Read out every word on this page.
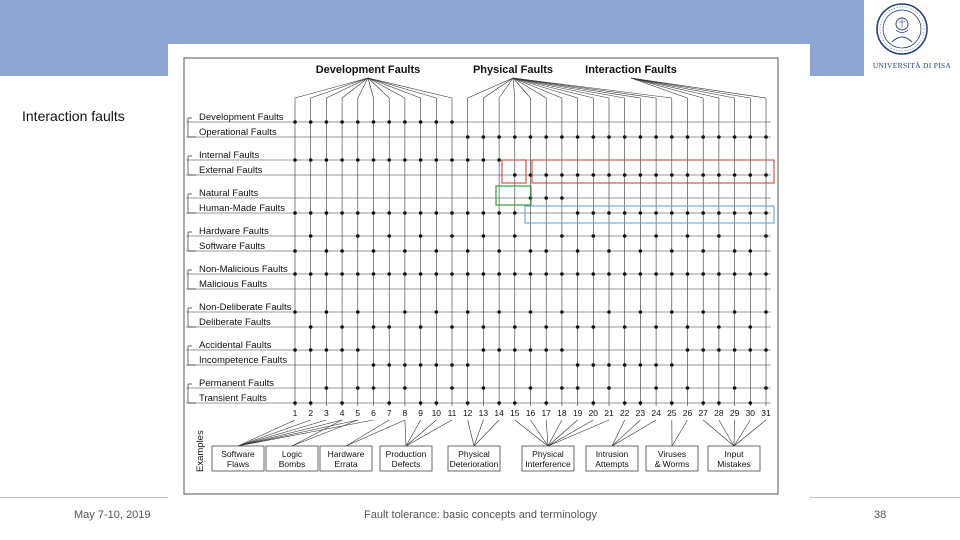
UNIVERSITÀ DI PISA
Interaction faults
Development Faults	Physical Faults	Interaction Faults
Development Faults
Operational Faults
Internal Faults
External Faults
Natural Faults
Human-Made Faults
Hardware Faults
Software Faults
Non-Malicious Faults
Malicious Faults
Non-Deliberate Faults
Deliberate Faults
Accidental Faults
Incompetence Faults
Permanent Faults
Transient Faults
1 2 3 4 5 6 7 8 9 10 11 12 13 14 15 16 17 18 19 20 21 22 23 24 25 26 27 28 29 30 31
Examples Software
Flaws
Logic
Bombs
Hardware
Errata
Production
Defects
Physical
Deterioration
Physical
Interference
Intrusion
Attempts
Viruses
& Worms
Input
Mistakes
May 7-10, 2019	Fault tolerance: basic concepts and terminology	38
